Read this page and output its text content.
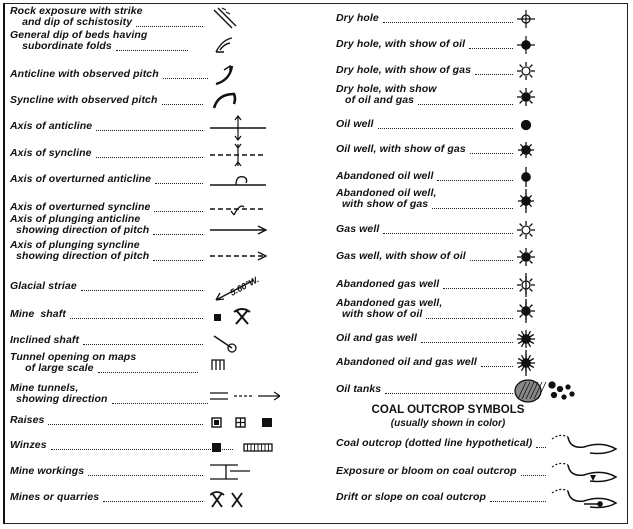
Rock exposure with strike
and dip of schistosity
General dip of beds having
subordinate folds
Anticline with observed pitch
Syncline with observed pitch
Axis of anticline
Axis of syncline
Axis of overturned anticline
Axis of overturned syncline
Axis of plunging anticline
showing direction of pitch
Axis of plunging syncline
showing direction of pitch
Glacial striae	5.60°W.
Mine  shaft
Inclined shaft
Tunnel opening on maps
of large scale
Mine tunnels,
showing direction
Raises
Winzes
Mine workings
Mines or quarries
Dry hole
Dry hole, with show of oil
Dry hole, with show of gas
Dry hole, with show
of oil and gas
Oil well
Oil well, with show of gas
Abandoned oil well
Abandoned oil well,
with show of gas
Gas well
Gas well, with show of oil
Abandoned gas well
Abandoned gas well,
with show of oil
Oil and gas well
Abandoned oil and gas well
Oil tanks
COAL OUTCROP SYMBOLS
(usually shown in color)
Coal outcrop (dotted line hypothetical)
Exposure or bloom on coal outcrop
Drift or slope on coal outcrop
